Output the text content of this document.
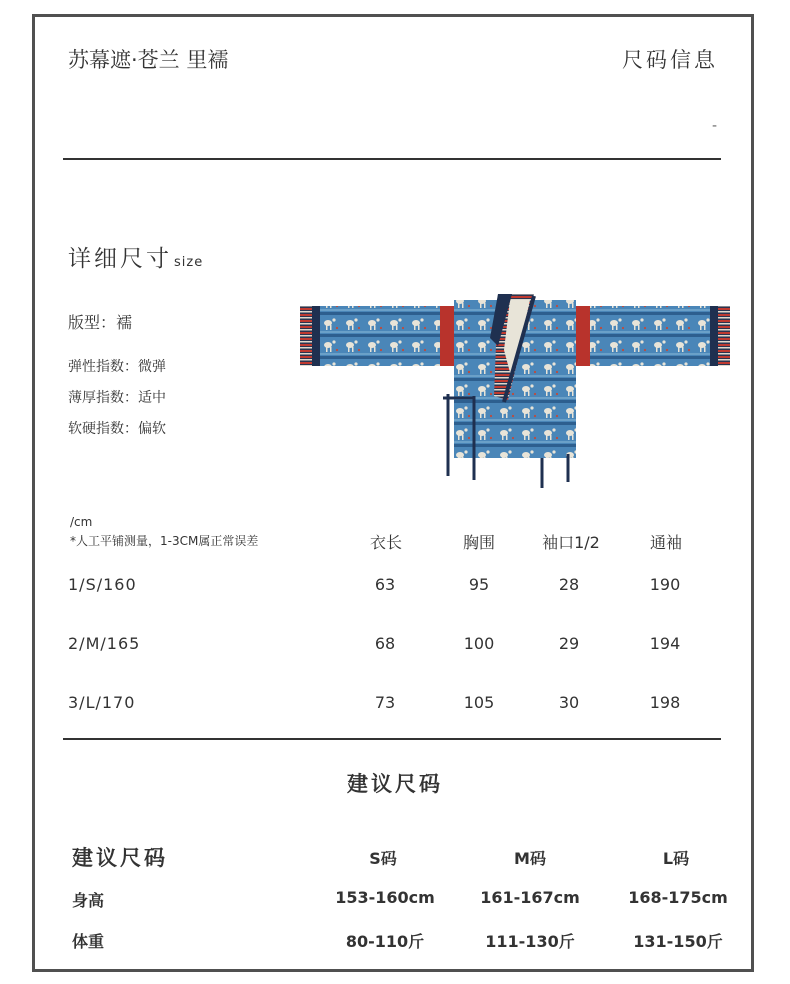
苏幕遮·苍兰 里襦	尺码信息
-
详细尺寸 size
版型：襦
弹性指数：微弹
薄厚指数：适中
软硬指数：偏软
/cm
*人工平铺测量，1-3CM属正常误差	衣长	胸围	袖口1/2	通袖
1/S/160	63	95	28	190
2/M/165	68	100	29	194
3/L/170	73	105	30	198
建议尺码
建议尺码	S码	M码	L码
身高	153-160cm	161-167cm	168-175cm
体重	80-110斤	111-130斤	131-150斤
